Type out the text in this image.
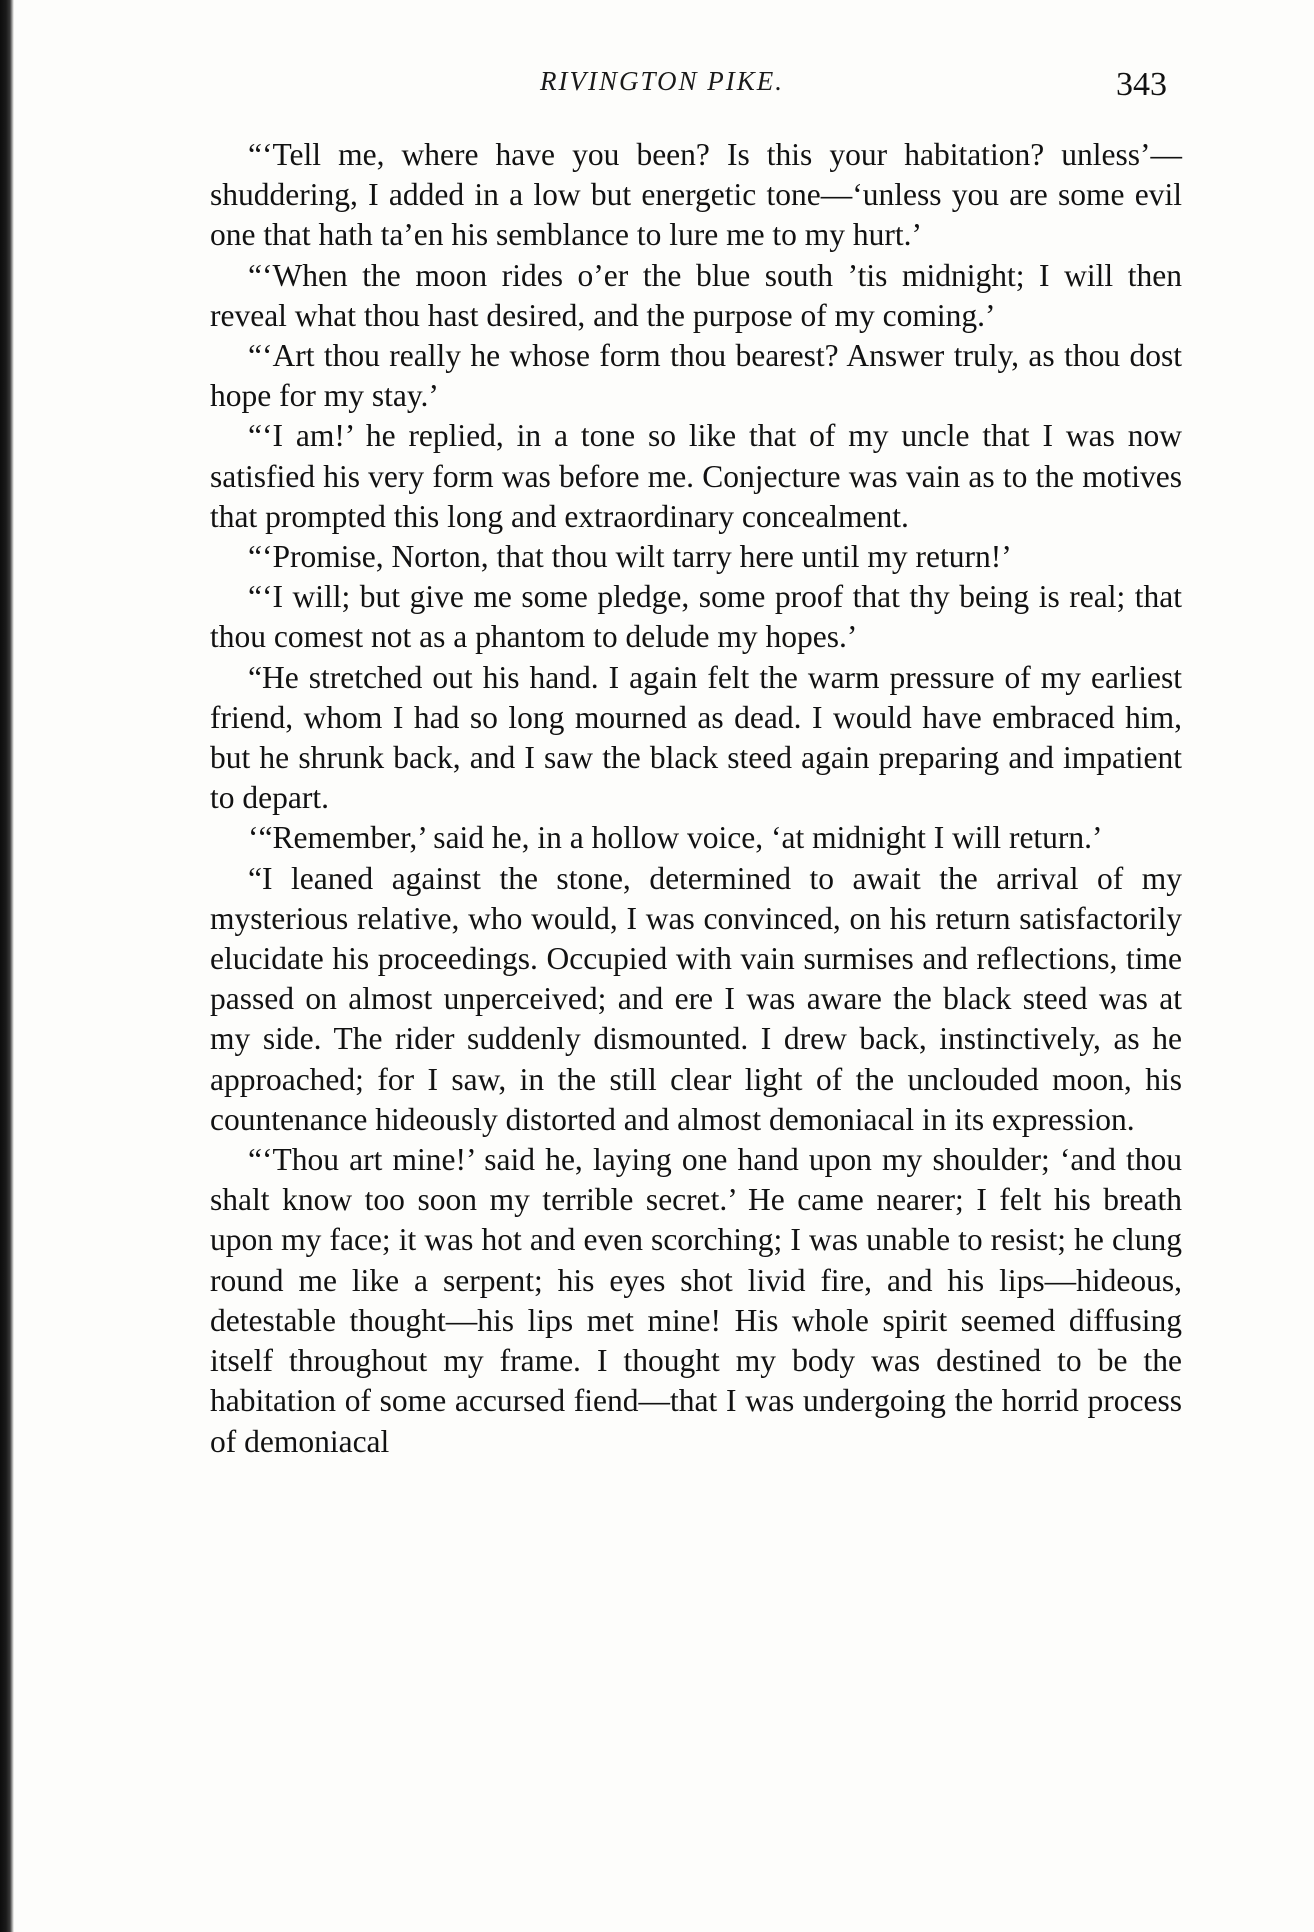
RIVINGTON PIKE.	343

“‘Tell me, where have you been? Is this your habitation? unless’—shuddering, I added in a low but energetic tone—‘unless you are some evil one that hath ta’en his semblance to lure me to my hurt.’

“‘When the moon rides o’er the blue south ’tis midnight; I will then reveal what thou hast desired, and the purpose of my coming.’

“‘Art thou really he whose form thou bearest? Answer truly, as thou dost hope for my stay.’

“‘I am!’ he replied, in a tone so like that of my uncle that I was now satisfied his very form was before me. Conjecture was vain as to the motives that prompted this long and extraordinary concealment.

“‘Promise, Norton, that thou wilt tarry here until my return!’

“‘I will; but give me some pledge, some proof that thy being is real; that thou comest not as a phantom to delude my hopes.’

“He stretched out his hand. I again felt the warm pressure of my earliest friend, whom I had so long mourned as dead. I would have embraced him, but he shrunk back, and I saw the black steed again preparing and impatient to depart.

‘“Remember,’ said he, in a hollow voice, ‘at midnight I will return.’

“I leaned against the stone, determined to await the arrival of my mysterious relative, who would, I was convinced, on his return satisfactorily elucidate his proceedings. Occupied with vain surmises and reflections, time passed on almost unperceived; and ere I was aware the black steed was at my side. The rider suddenly dismounted. I drew back, instinctively, as he approached; for I saw, in the still clear light of the unclouded moon, his countenance hideously distorted and almost demoniacal in its expression.

“‘Thou art mine!’ said he, laying one hand upon my shoulder; ‘and thou shalt know too soon my terrible secret.’ He came nearer; I felt his breath upon my face; it was hot and even scorching; I was unable to resist; he clung round me like a serpent; his eyes shot livid fire, and his lips—hideous, detestable thought—his lips met mine! His whole spirit seemed diffusing itself throughout my frame. I thought my body was destined to be the habitation of some accursed fiend—that I was undergoing the horrid process of demoniacal
